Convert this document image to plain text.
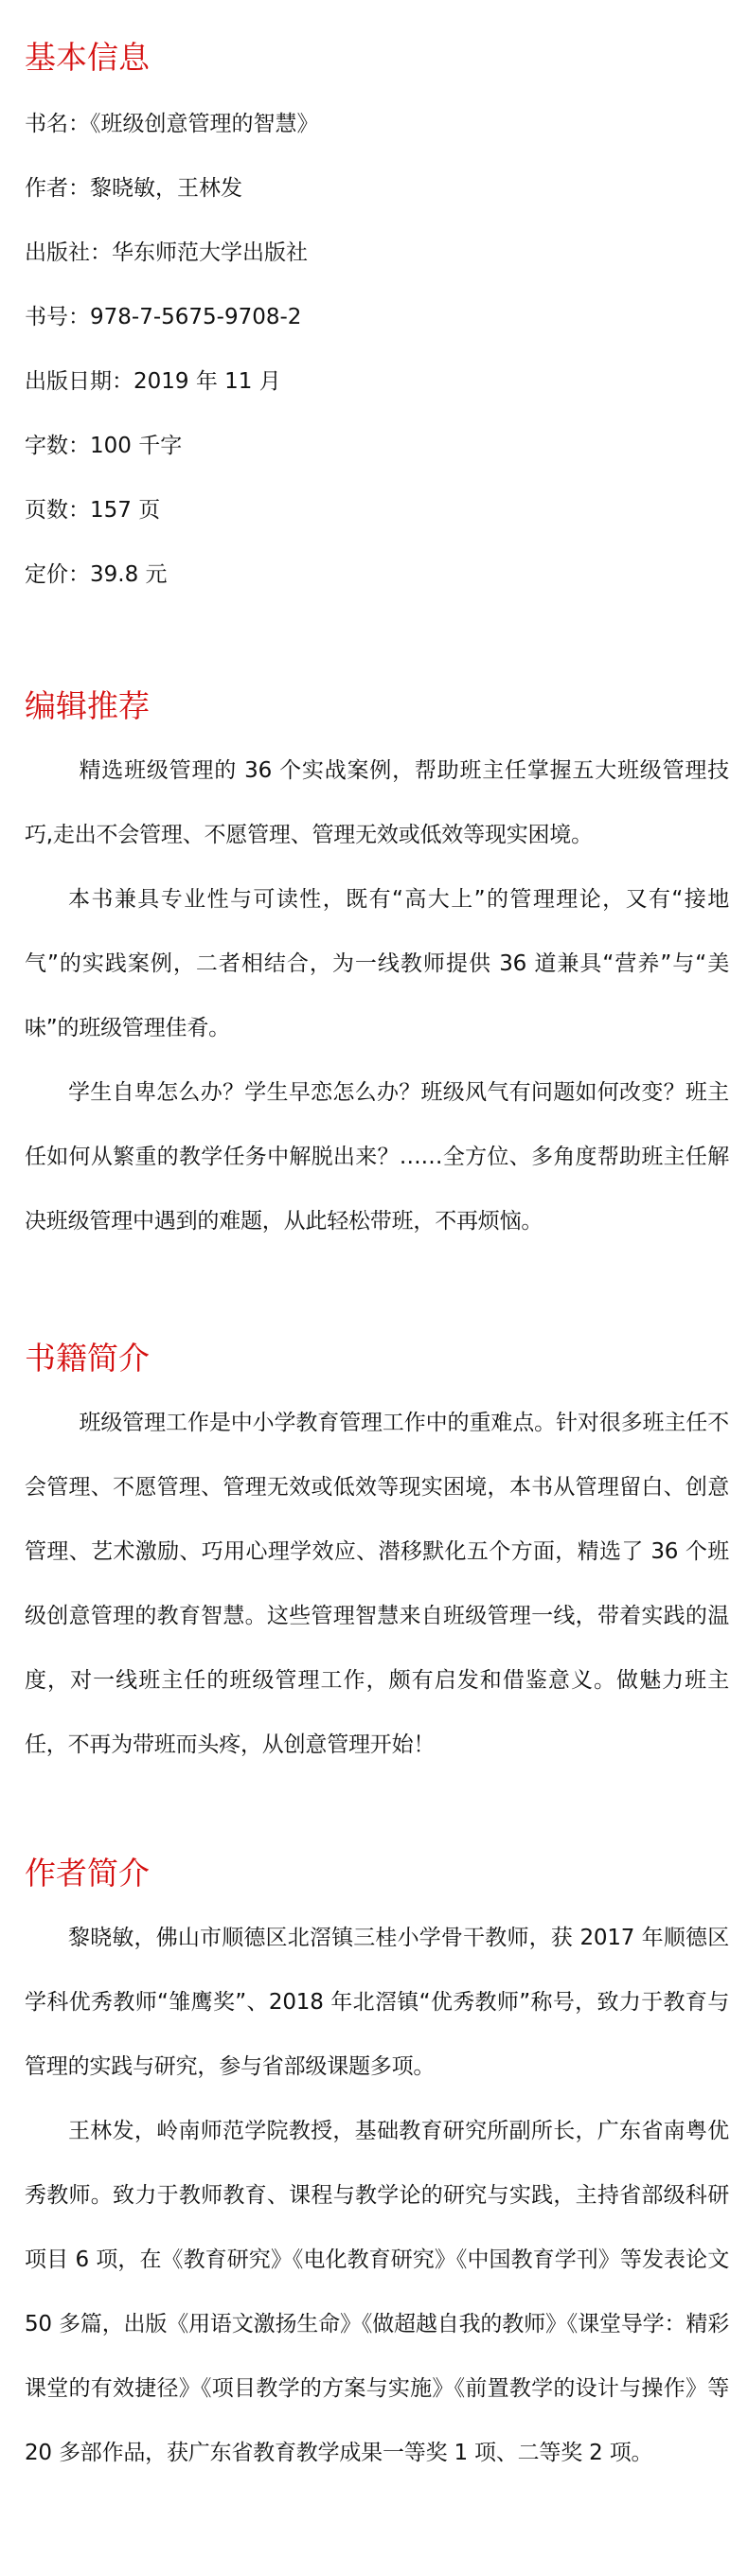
基本信息

书名：《班级创意管理的智慧》

作者：黎晓敏，王林发

出版社：华东师范大学出版社

书号：978-7-5675-9708-2

出版日期：2019 年 11 月

字数：100 千字

页数：157 页

定价：39.8 元

编辑推荐

精选班级管理的 36 个实战案例，帮助班主任掌握五大班级管理技巧,走出不会管理、不愿管理、管理无效或低效等现实困境。

本书兼具专业性与可读性，既有“高大上”的管理理论，又有“接地气”的实践案例，二者相结合，为一线教师提供 36 道兼具“营养”与“美味”的班级管理佳肴。

学生自卑怎么办？学生早恋怎么办？班级风气有问题如何改变？班主任如何从繁重的教学任务中解脱出来？……全方位、多角度帮助班主任解决班级管理中遇到的难题，从此轻松带班，不再烦恼。

书籍简介

班级管理工作是中小学教育管理工作中的重难点。针对很多班主任不会管理、不愿管理、管理无效或低效等现实困境，本书从管理留白、创意管理、艺术激励、巧用心理学效应、潜移默化五个方面，精选了 36 个班级创意管理的教育智慧。这些管理智慧来自班级管理一线，带着实践的温度，对一线班主任的班级管理工作，颇有启发和借鉴意义。做魅力班主任，不再为带班而头疼，从创意管理开始！

作者简介

黎晓敏，佛山市顺德区北滘镇三桂小学骨干教师，获 2017 年顺德区学科优秀教师“雏鹰奖”、2018 年北滘镇“优秀教师”称号，致力于教育与管理的实践与研究，参与省部级课题多项。

王林发，岭南师范学院教授，基础教育研究所副所长，广东省南粤优秀教师。致力于教师教育、课程与教学论的研究与实践，主持省部级科研项目 6 项，在《教育研究》《电化教育研究》《中国教育学刊》等发表论文 50 多篇，出版《用语文激扬生命》《做超越自我的教师》《课堂导学：精彩课堂的有效捷径》《项目教学的方案与实施》《前置教学的设计与操作》等 20 多部作品，获广东省教育教学成果一等奖 1 项、二等奖 2 项。
